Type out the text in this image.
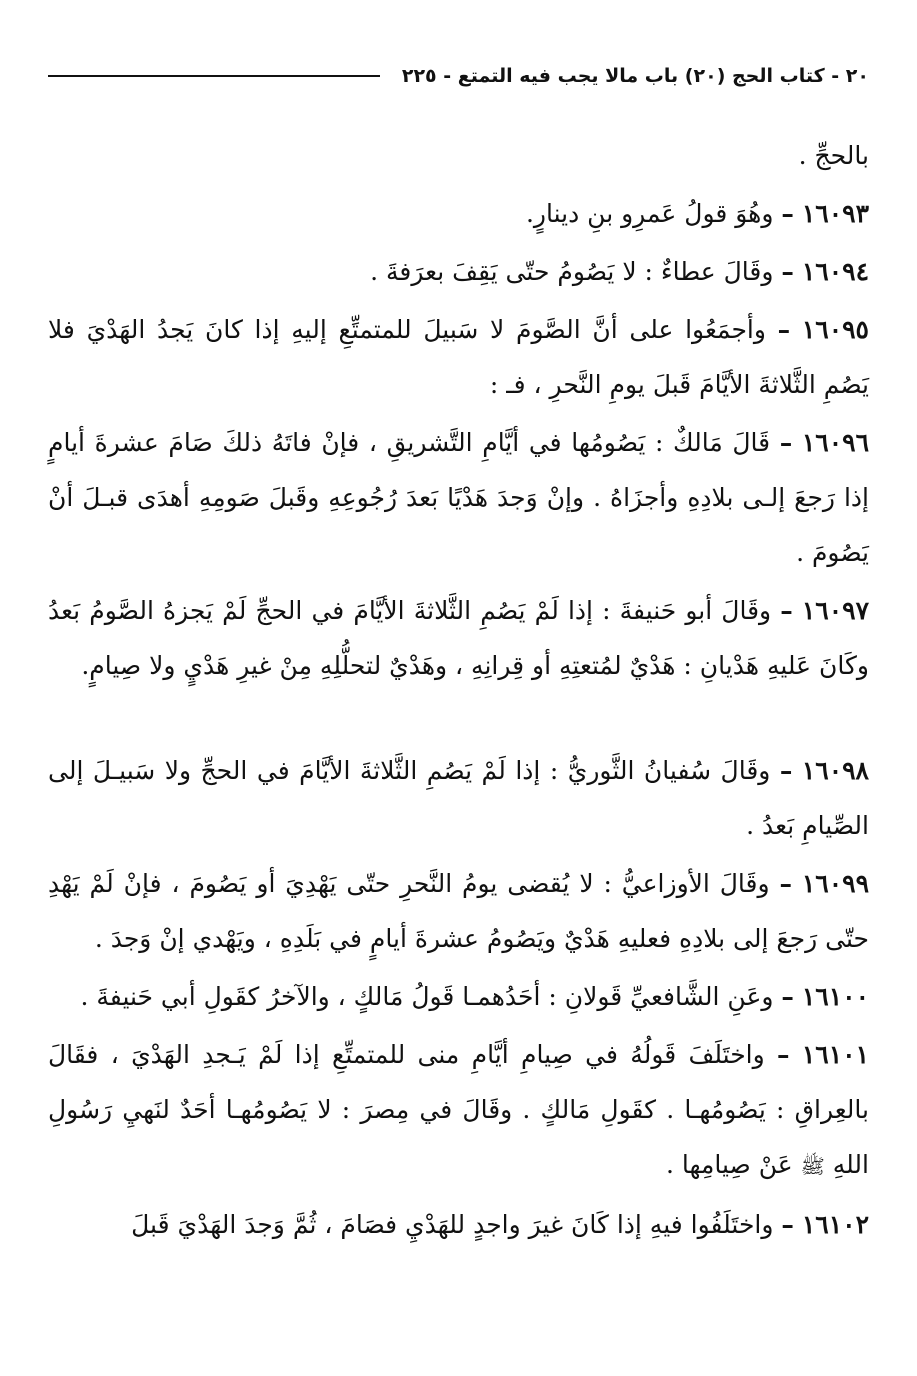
٢٠ - كتاب الحج (٢٠) باب مالا يجب فيه التمتع - ٢٢٥

بالحجِّ .

١٦٠٩٣ – وهُوَ قولُ عَمرِو بنِ دينارٍ.

١٦٠٩٤ – وقَالَ عطاءٌ : لا يَصُومُ حتّى يَقِفَ بعرَفةَ .

١٦٠٩٥ – وأجمَعُوا على أنَّ الصَّومَ لا سَبيلَ للمتمتِّعِ إليهِ إذا كانَ يَجدُ الهَدْيَ فلا يَصُمِ الثَّلاثةَ الأيَّامَ قَبلَ يومِ النَّحرِ ، فـ :

١٦٠٩٦ – قَالَ مَالكٌ : يَصُومُها في أيَّامِ التَّشريقِ ، فإنْ فاتَهُ ذلكَ صَامَ عشرةَ أيامٍ إذا رَجعَ إلـى بلادِهِ وأجزَاهُ . وإنْ وَجدَ هَدْيًا بَعدَ رُجُوعِهِ وقَبلَ صَومِهِ أهدَى قبـلَ أنْ يَصُومَ .

١٦٠٩٧ – وقَالَ أبو حَنيفةَ : إذا لَمْ يَصُمِ الثَّلاثةَ الأيَّامَ في الحجِّ لَمْ يَجزهُ الصَّومُ بَعدُ وكَانَ عَليهِ هَدْيانِ : هَدْيٌ لمُتعتِهِ أو قِرانِهِ ، وهَدْيٌ لتحلُّلِهِ مِنْ غيرِ هَدْيٍ ولا صِيامٍ.

١٦٠٩٨ – وقَالَ سُفيانُ الثَّوريُّ : إذا لَمْ يَصُمِ الثَّلاثةَ الأيَّامَ في الحجِّ ولا سَبيـلَ إلى الصِّيامِ بَعدُ .

١٦٠٩٩ – وقَالَ الأوزاعيُّ : لا يُقضى يومُ النَّحرِ حتّى يَهْدِيَ أو يَصُومَ ، فإنْ لَمْ يَهْدِ حتّى رَجعَ إلى بلادِهِ فعليهِ هَدْيٌ ويَصُومُ عشرةَ أيامٍ في بَلَدِهِ ، ويَهْدي إنْ وَجدَ .

١٦١٠٠ – وعَنِ الشَّافعيِّ قَولانِ : أحَدُهمـا قَولُ مَالكٍ ، والآخرُ كقَولِ أبي حَنيفةَ .

١٦١٠١ – واختَلَفَ قَولُهُ في صِيامِ أيَّامِ منى للمتمتِّعِ إذا لَمْ يَـجدِ الهَدْيَ ، فقَالَ بالعِراقِ : يَصُومُهـا . كقَولِ مَالكٍ . وقَالَ في مِصرَ : لا يَصُومُهـا أحَدٌ لنَهيِ رَسُولِ اللهِ ﷺ عَنْ صِيامِها .

١٦١٠٢ – واختَلَفُوا فيهِ إذا كَانَ غيرَ واجدٍ للهَدْيِ فصَامَ ، ثُمَّ وَجدَ الهَدْيَ قَبلَ
